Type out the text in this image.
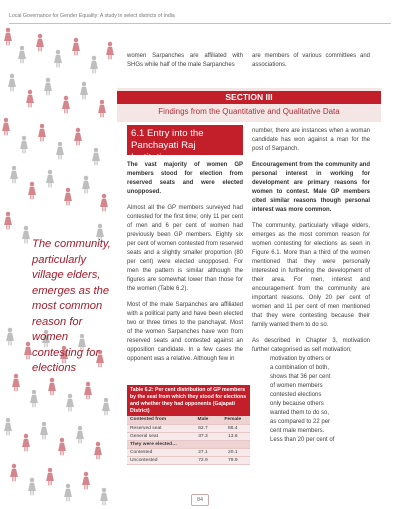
Local Governance for Gender Equality: A study in select districts of India
women Sarpanches are affiliated with SHGs while half of the male Sarpanches
are members of various committees and associations.
SECTION III
Findings from the Quantitative and Qualitative Data
6.1 Entry into the Panchayati Raj Institutions
The community, particularly village elders, emerges as the most common reason for women contesting for elections
The vast majority of women GP members stood for election from reserved seats and were elected unopposed.
Almost all the GP members surveyed had contested for the first time; only 11 per cent of men and 6 per cent of women had previously been GP members. Eighty six per cent of women contested from reserved seats and a slightly smaller proportion (80 per cent) were elected unopposed. For men the pattern is similar although the figures are somewhat lower than those for the women (Table 6.2).
Most of the male Sarpanches are affiliated with a political party and have been elected two or three times to the panchayat. Most of the women Sarpanches have won from reserved seats and contested against an opposition candidate. In a few cases the opponent was a relative. Although few in
number, there are instances when a woman candidate has won against a man for the post of Sarpanch.
Encouragement from the community and personal interest in working for development are primary reasons for women to contest. Male GP members cited similar reasons though personal interest was more common.
The community, particularly village elders, emerges as the most common reason for women contesting for elections as seen in Figure 6.1. More than a third of the women mentioned that they were personally interested in furthering the development of their area. For men, interest and encouragement from the community are important reasons. Only 20 per cent of women and 11 per cent of men mentioned that they were contesting because their family wanted them to do so.
As described in Chapter 3, motivation further categorised as self motivation;
motivation by others or
a combination of both,
shows that 36 per cent
of women members
contested elections
only because others
wanted them to do so,
as compared to 22 per
cent male members.
Less than 20 per cent of
Table 6.2: Per cent distribution of GP members by the seat from which they stood for elections and whether they had opponents (Gajapati District)
Contested from	Male	Female
Reserved seat	62.7	86.4
General seat	37.3	13.6
They were elected…		
Contested	27.1	20.1
Uncontested	72.9	79.9
84
